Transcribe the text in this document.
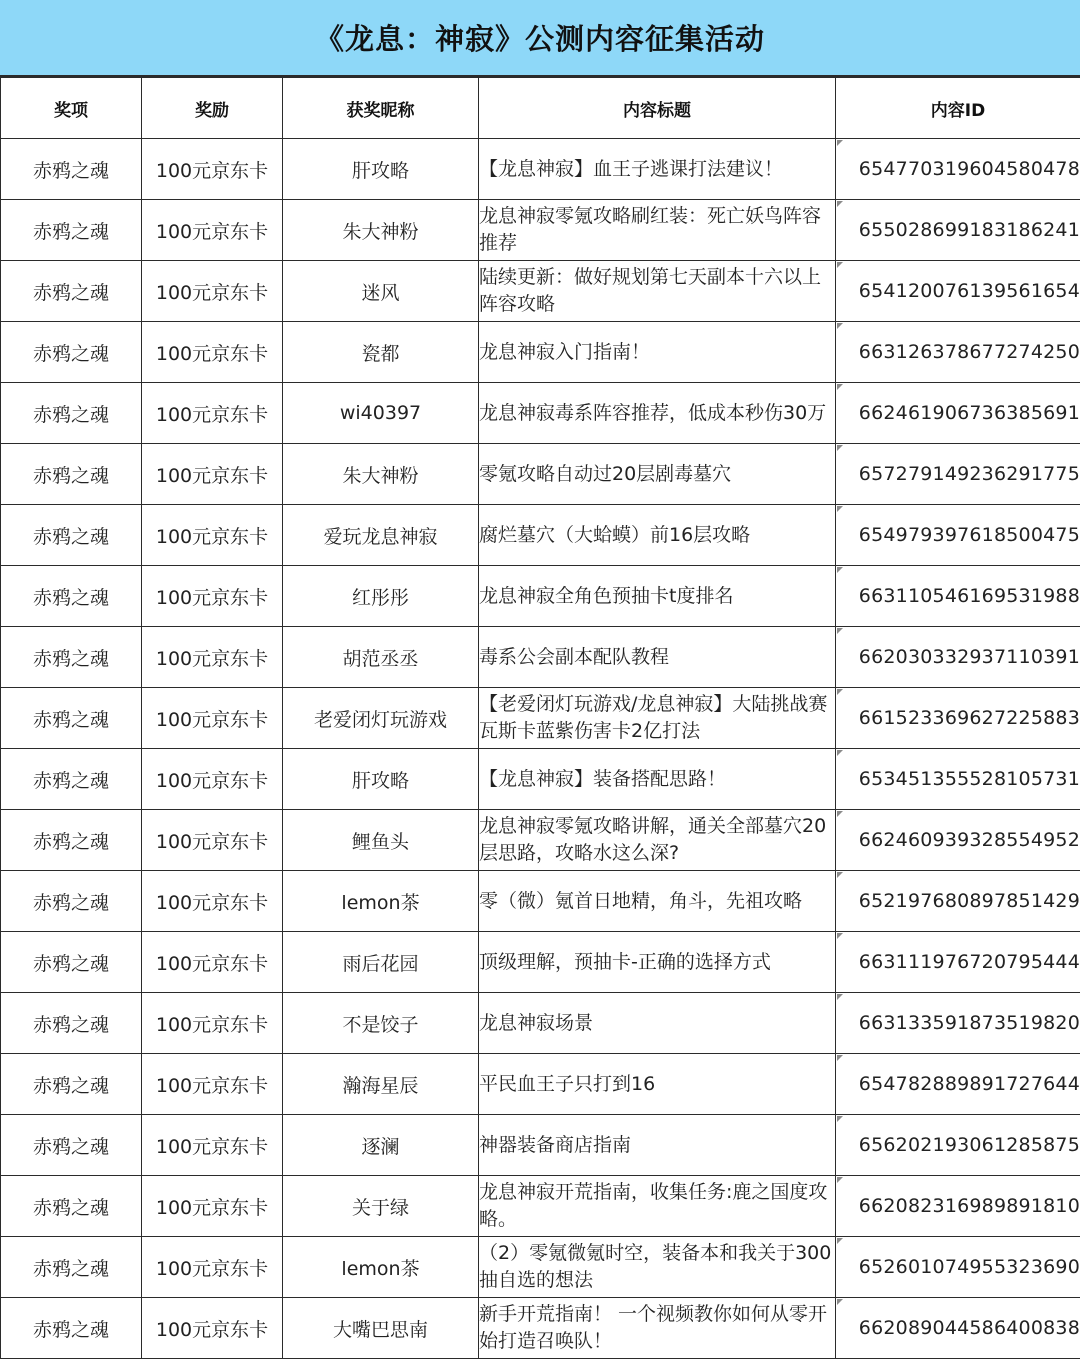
《龙息：神寂》公测内容征集活动
奖项	奖励	获奖昵称	内容标题	内容ID

赤鸦之魂	100元京东卡	肝攻略	【龙息神寂】血王子逃课打法建议！	654770319604580478

赤鸦之魂	100元京东卡	朱大神粉	龙息神寂零氪攻略刷红装：死亡妖鸟阵容推荐	655028699183186241

赤鸦之魂	100元京东卡	迷风	陆续更新：做好规划第七天副本十六以上阵容攻略	654120076139561654

赤鸦之魂	100元京东卡	瓷都	龙息神寂入门指南！	663126378677274250

赤鸦之魂	100元京东卡	wi40397	龙息神寂毒系阵容推荐，低成本秒伤30万	662461906736385691

赤鸦之魂	100元京东卡	朱大神粉	零氪攻略自动过20层剧毒墓穴	657279149236291775

赤鸦之魂	100元京东卡	爱玩龙息神寂	腐烂墓穴（大蛤蟆）前16层攻略	654979397618500475

赤鸦之魂	100元京东卡	红彤彤	龙息神寂全角色预抽卡t度排名	663110546169531988

赤鸦之魂	100元京东卡	胡范丞丞	毒系公会副本配队教程	662030332937110391

赤鸦之魂	100元京东卡	老爱闭灯玩游戏	【老爱闭灯玩游戏/龙息神寂】大陆挑战赛瓦斯卡蓝紫伤害卡2亿打法	661523369627225883

赤鸦之魂	100元京东卡	肝攻略	【龙息神寂】装备搭配思路！	653451355528105731

赤鸦之魂	100元京东卡	鲤鱼头	龙息神寂零氪攻略讲解，通关全部墓穴20层思路，攻略水这么深?	662460939328554952

赤鸦之魂	100元京东卡	lemon茶	零（微）氪首日地精，角斗，先祖攻略	652197680897851429

赤鸦之魂	100元京东卡	雨后花园	顶级理解，预抽卡-正确的选择方式	663111976720795444

赤鸦之魂	100元京东卡	不是饺子	龙息神寂场景	663133591873519820

赤鸦之魂	100元京东卡	瀚海星辰	平民血王子只打到16	654782889891727644

赤鸦之魂	100元京东卡	逐澜	神器装备商店指南	656202193061285875

赤鸦之魂	100元京东卡	关于绿	龙息神寂开荒指南，收集任务:鹿之国度攻略。	662082316989891810

赤鸦之魂	100元京东卡	lemon茶	（2）零氪微氪时空，装备本和我关于300抽自选的想法	652601074955323690

赤鸦之魂	100元京东卡	大嘴巴思南	新手开荒指南！ 一个视频教你如何从零开始打造召唤队！	662089044586400838
